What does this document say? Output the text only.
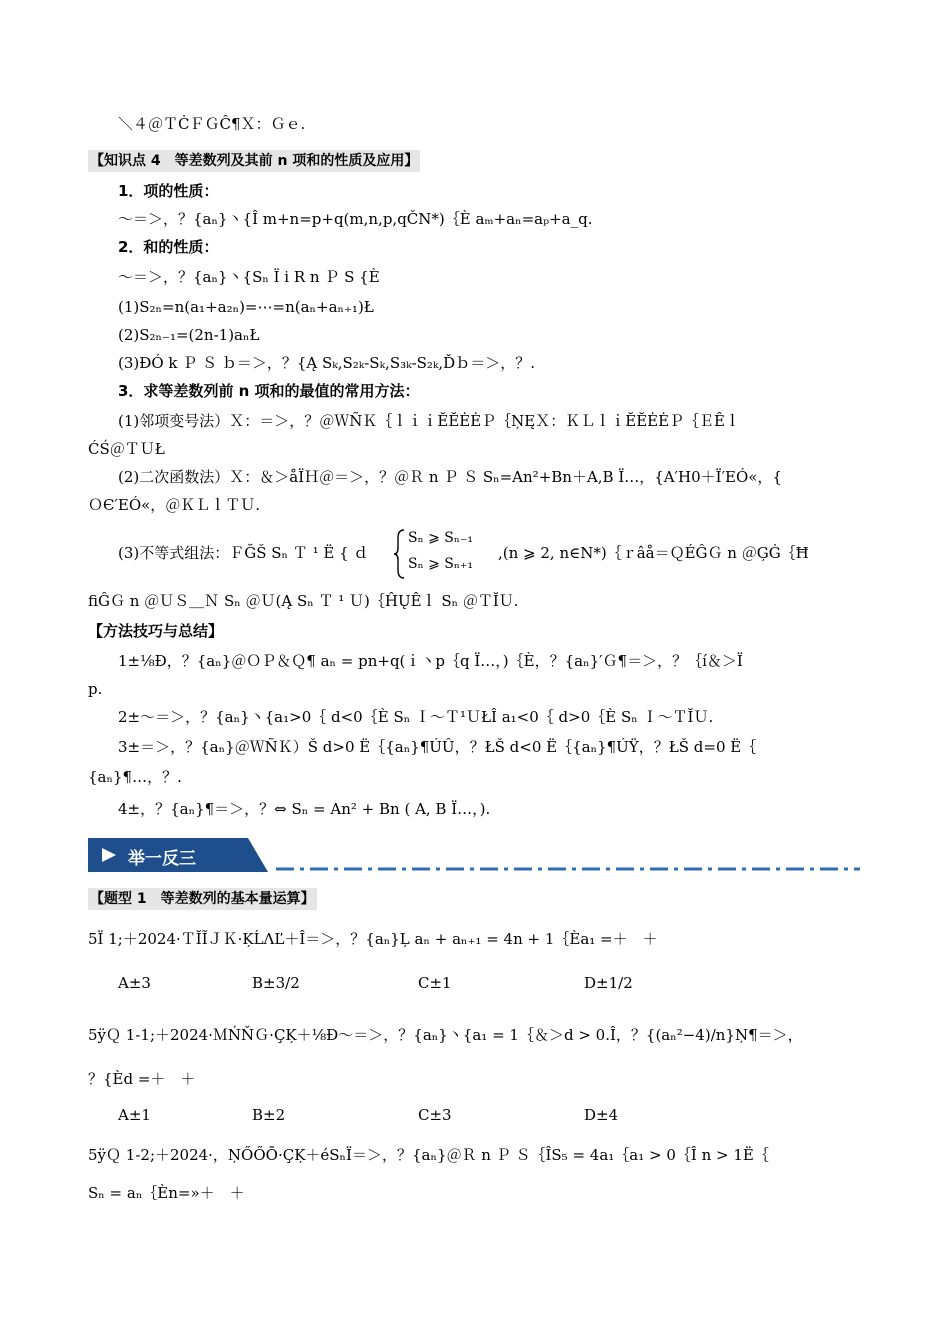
＼４＠ＴĊＦＧĈ¶Ｘ：Ｇｅ.
【知识点 4　等差数列及其前 n 项和的性质及应用】
1．项的性质：
～＝＞，？{aₙ}丶{Î m+n=p+q(m,n,p,qČN*)｛È aₘ+aₙ=aₚ+a_q.
2．和的性质：
～＝＞，？{aₙ}丶{Sₙ Ï i R n Ｐ S {È
(1)S₂ₙ=n(a₁+a₂ₙ)=⋯=n(aₙ+aₙ₊₁)Ł
(2)S₂ₙ₋₁=(2n-1)aₙŁ
(3)ĐÓ k Ｐ Ｓ ｂ＝＞，？{Ą Sₖ,S₂ₖ-Sₖ,S₃ₖ-S₂ₖ,Ďｂ＝＞，？.
3．求等差数列前 n 项和的最值的常用方法：
(1)邻项变号法）Ｘ：＝＞，？＠ＷÑＫ｛ｌｉｉĔĔĖĖＰ｛ŅĘＸ：ＫＬｌｉĔĔĖĖＰ｛ＥÊｌ
ĆŚ＠ＴＵŁ
(2)二次函数法）Ｘ：＆＞åÏＨ＠＝＞，？＠Ｒ n Ｐ Ｓ Sₙ=An²+Bn＋A,B Ï…，{A′H0＋Ï′EÓ«，{
ＯЄ′EÓ«，＠ＫＬｌＴＵ.
(3)不等式组法：ＦĞŠ Sₙ Ｔ ¹ Ë { ｄ
Sₙ ⩾ Sₙ₋₁
Sₙ ⩾ Sₙ₊₁
,(n ⩾ 2, n∈N*)｛ｒâå＝ＱÉĜＧ n ＠ĢĠ｛Ħ
ﬁĜＧ n ＠ＵＳ＿Ｎ Sₙ ＠Ｕ(Ą Sₙ Ｔ ¹ Ｕ)｛ĤŲÊｌ Sₙ ＠ＴĬＵ.
【方法技巧与总结】
1±⅛Đ，？{aₙ}＠ＯＰ＆Ｑ¶ aₙ = pn+q(ｉ丶p｛q Ï…，)｛È，？{aₙ}′Ｇ¶＝＞，？｛í＆＞Ï
p.
2±～＝＞，？{aₙ}丶{a₁>0｛ d<0｛È Sₙ Ｉ～Ｔ¹ＵŁÎ a₁<0｛ d>0｛È Sₙ Ｉ～ＴĬＵ.
3±＝＞，？{aₙ}＠ＷÑＫ）Š d>0 Ë｛{aₙ}¶ÚÛ，？ŁŠ d<0 Ë｛{aₙ}¶ÚŸ，？ŁŠ d=0 Ë｛
{aₙ}¶…，？.
4±，？{aₙ}¶＝＞，？⇔ Sₙ = An² + Bn ( A, B Ï…，).
举一反三
【题型 1　等差数列的基本量运算】
5Ï 1;＋2024·ＴĬĨＪＫ·ĶĹΛĽ＋Î＝＞，？{aₙ}Ļ aₙ + aₙ₊₁ = 4n + 1｛Èa₁ =＋　＋
A±3	B±3/2	C±1	D±1/2
5ÿＱ 1-1;＋2024·ＭŃŇＧ·ÇĶ＋⅛Đ～＝＞，？{aₙ}丶{a₁ = 1｛＆＞d > 0.Î，？{(aₙ²−4)/n}Ņ¶＝＞，
？{Èd =＋　＋
A±1	B±2	C±3	D±4
5ÿＱ 1-2;＋2024·，ŅŐŐŌ·ÇĶ＋éSₙÏ＝＞，？{aₙ}＠Ｒ n Ｐ Ｓ｛ÎS₅ = 4a₁｛a₁ > 0｛Î n > 1Ë｛
Sₙ = aₙ｛Èn=»＋　＋
